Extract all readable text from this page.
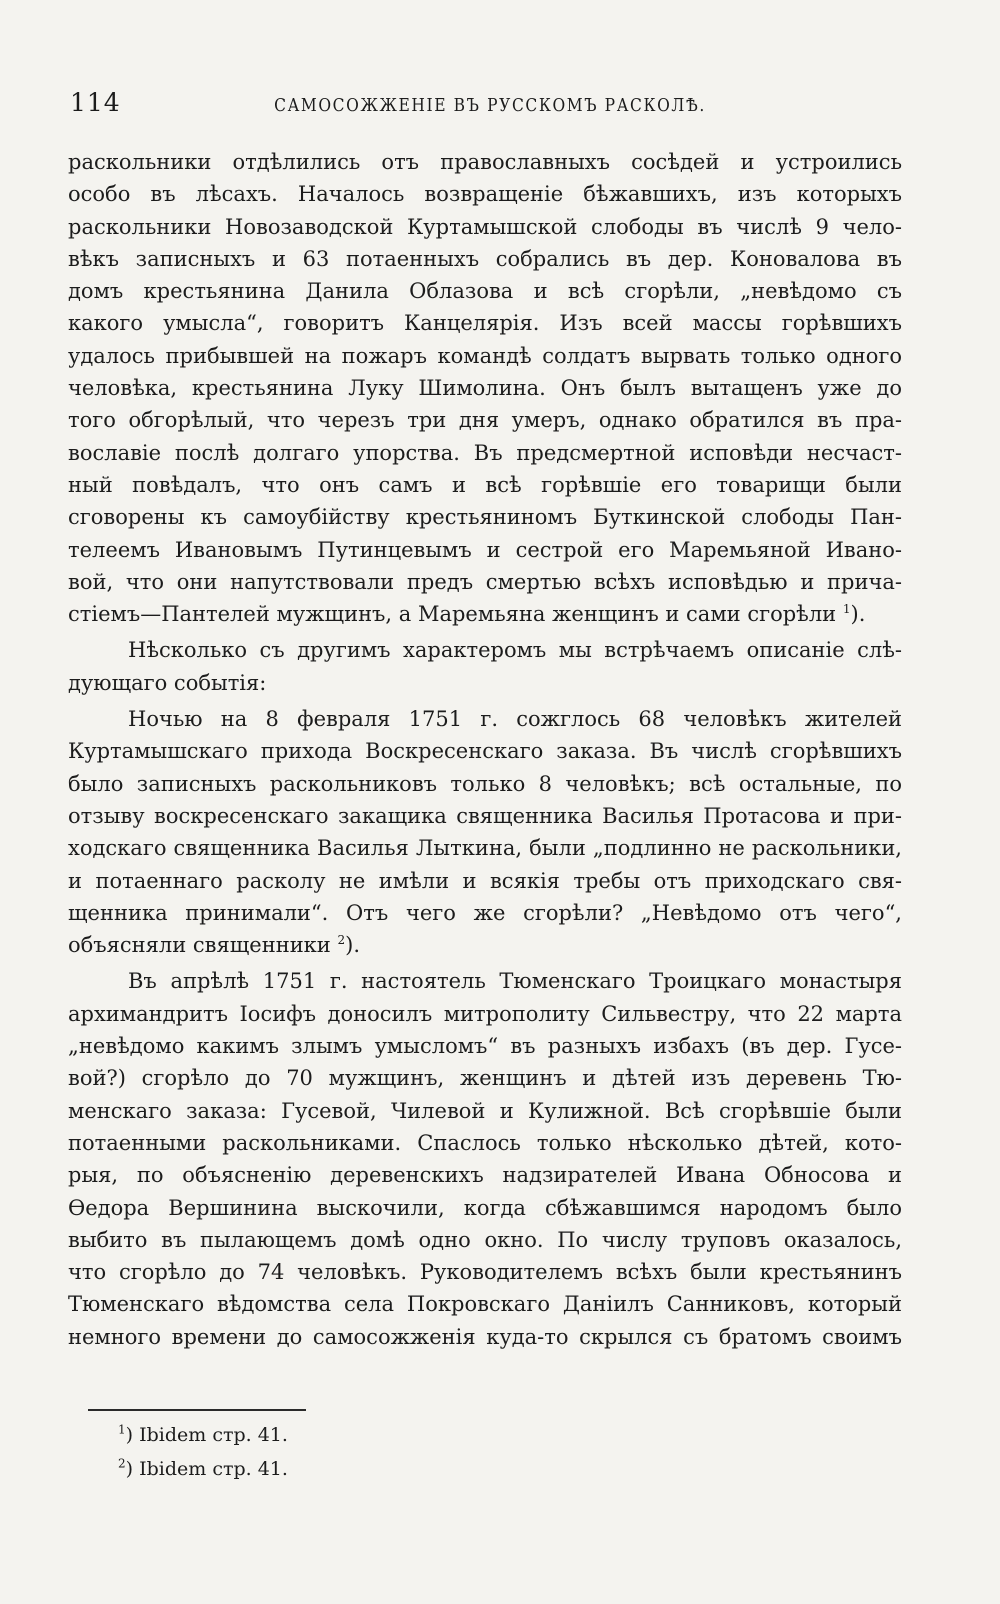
114	САМОСОЖЖЕНІЕ ВЪ РУССКОМЪ РАСКОЛѢ.
раскольники отдѣлились отъ православныхъ сосѣдей и устроились
особо въ лѣсахъ. Началось возвращеніе бѣжавшихъ, изъ которыхъ
раскольники Новозаводской Куртамышской слободы въ числѣ 9 чело-
вѣкъ записныхъ и 63 потаенныхъ собрались въ дер. Коновалова въ
домъ крестьянина Данила Облазова и всѣ сгорѣли, „невѣдомо съ
какого умысла“, говоритъ Канцелярія. Изъ всей массы горѣвшихъ
удалось прибывшей на пожаръ командѣ солдатъ вырвать только одного
человѣка, крестьянина Луку Шимолина. Онъ былъ вытащенъ уже до
того обгорѣлый, что черезъ три дня умеръ, однако обратился въ пра-
вославіе послѣ долгаго упорства. Въ предсмертной исповѣди несчаст-
ный повѣдалъ, что онъ самъ и всѣ горѣвшіе его товарищи были
сговорены къ самоубійству крестьяниномъ Буткинской слободы Пан-
телеемъ Ивановымъ Путинцевымъ и сестрой его Маремьяной Ивано-
вой, что они напутствовали предъ смертью всѣхъ исповѣдью и прича-
стіемъ—Пантелей мужщинъ, а Маремьяна женщинъ и сами сгорѣли $^1$).
Нѣсколько съ другимъ характеромъ мы встрѣчаемъ описаніе слѣ-
дующаго событія:
Ночью на 8 февраля 1751 г. сожглось 68 человѣкъ жителей
Куртамышскаго прихода Воскресенскаго заказа. Въ числѣ сгорѣвшихъ
было записныхъ раскольниковъ только 8 человѣкъ; всѣ остальные, по
отзыву воскресенскаго закащика священника Василья Протасова и при-
ходскаго священника Василья Лыткина, были „подлинно не раскольники,
и потаеннаго расколу не имѣли и всякія требы отъ приходскаго свя-
щенника принимали“. Отъ чего же сгорѣли? „Невѣдомо отъ чего“,
объясняли священники $^2$).
Въ апрѣлѣ 1751 г. настоятель Тюменскаго Троицкаго монастыря
архимандритъ Іосифъ доносилъ митрополиту Сильвестру, что 22 марта
„невѣдомо какимъ злымъ умысломъ“ въ разныхъ избахъ (въ дер. Гусе-
вой?) сгорѣло до 70 мужщинъ, женщинъ и дѣтей изъ деревень Тю-
менскаго заказа: Гусевой, Чилевой и Кулижной. Всѣ сгорѣвшіе были
потаенными раскольниками. Спаслось только нѣсколько дѣтей, кото-
рыя, по объясненію деревенскихъ надзирателей Ивана Обносова и
Ѳедора Вершинина выскочили, когда сбѣжавшимся народомъ было
выбито въ пылающемъ домѣ одно окно. По числу труповъ оказалось,
что сгорѣло до 74 человѣкъ. Руководителемъ всѣхъ были крестьянинъ
Тюменскаго вѣдомства села Покровскаго Даніилъ Санниковъ, который
немного времени до самосожженія куда-то скрылся съ братомъ своимъ
$^1$) Ibidem стр. 41.
$^2$) Ibidem стр. 41.
